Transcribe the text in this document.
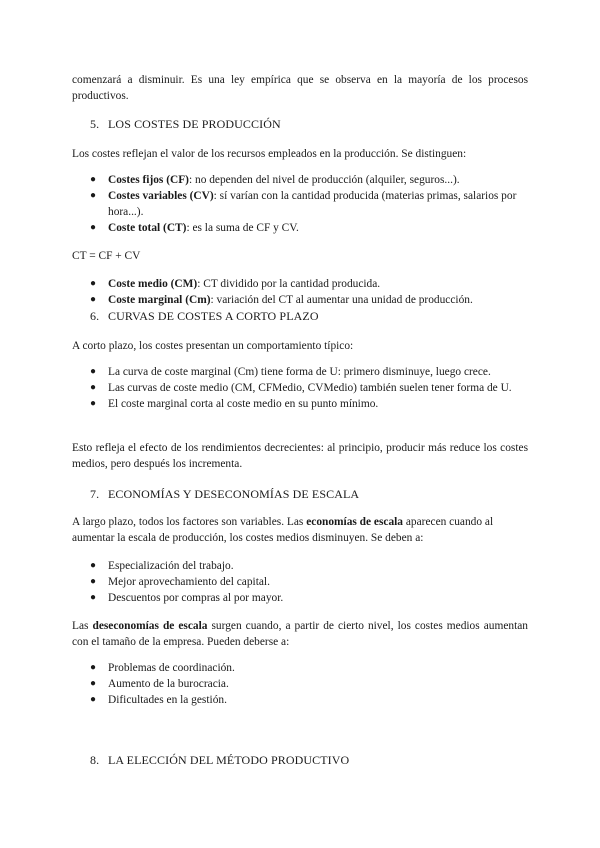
comenzará a disminuir. Es una ley empírica que se observa en la mayoría de los procesos
productivos.
5. LOS COSTES DE PRODUCCIÓN
Los costes reflejan el valor de los recursos empleados en la producción. Se distinguen:
●	Costes fijos (CF): no dependen del nivel de producción (alquiler, seguros...).
●	Costes variables (CV): sí varían con la cantidad producida (materias primas, salarios por hora...).
●	Coste total (CT): es la suma de CF y CV.
CT = CF + CV
●	Coste medio (CM): CT dividido por la cantidad producida.
●	Coste marginal (Cm): variación del CT al aumentar una unidad de producción.
6. CURVAS DE COSTES A CORTO PLAZO
A corto plazo, los costes presentan un comportamiento típico:
●	La curva de coste marginal (Cm) tiene forma de U: primero disminuye, luego crece.
●	Las curvas de coste medio (CM, CFMedio, CVMedio) también suelen tener forma de U.
●	El coste marginal corta al coste medio en su punto mínimo.
Esto refleja el efecto de los rendimientos decrecientes: al principio, producir más reduce los costes medios, pero después los incrementa.
7. ECONOMÍAS Y DESECONOMÍAS DE ESCALA
A largo plazo, todos los factores son variables. Las economías de escala aparecen cuando al aumentar la escala de producción, los costes medios disminuyen. Se deben a:
●	Especialización del trabajo.
●	Mejor aprovechamiento del capital.
●	Descuentos por compras al por mayor.
Las deseconomías de escala surgen cuando, a partir de cierto nivel, los costes medios aumentan con el tamaño de la empresa. Pueden deberse a:
●	Problemas de coordinación.
●	Aumento de la burocracia.
●	Dificultades en la gestión.
8. LA ELECCIÓN DEL MÉTODO PRODUCTIVO
